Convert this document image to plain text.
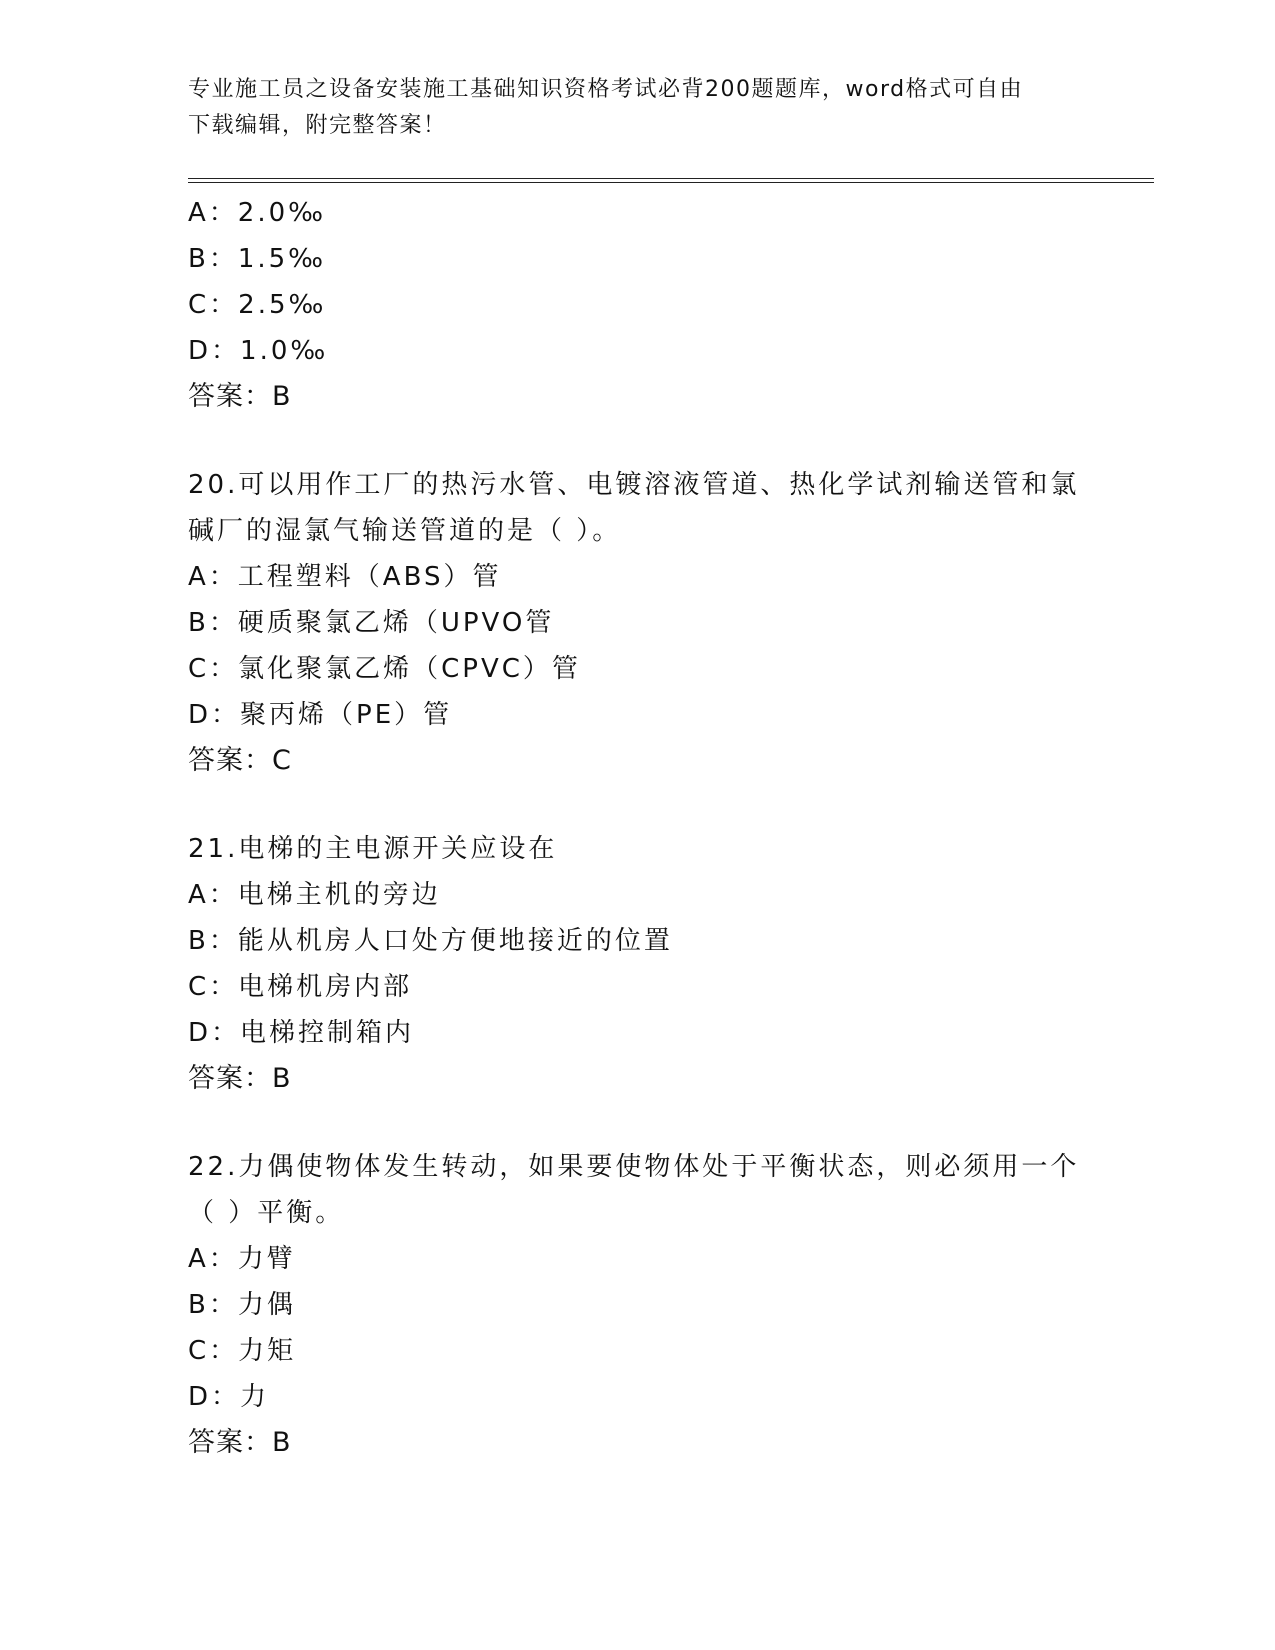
专业施工员之设备安装施工基础知识资格考试必背200题题库，word格式可自由
下载编辑，附完整答案！
A：2.0‰
B：1.5‰
C：2.5‰
D：1.0‰
答案：B
20.可以用作工厂的热污水管、电镀溶液管道、热化学试剂输送管和氯
碱厂的湿氯气输送管道的是（ ）。
A：工程塑料（ABS）管
B：硬质聚氯乙烯（UPVO管
C：氯化聚氯乙烯（CPVC）管
D：聚丙烯（PE）管
答案：C
21.电梯的主电源开关应设在
A：电梯主机的旁边
B：能从机房人口处方便地接近的位置
C：电梯机房内部
D：电梯控制箱内
答案：B
22.力偶使物体发生转动，如果要使物体处于平衡状态，则必须用一个
（ ）平衡。
A：力臂
B：力偶
C：力矩
D：力
答案：B
